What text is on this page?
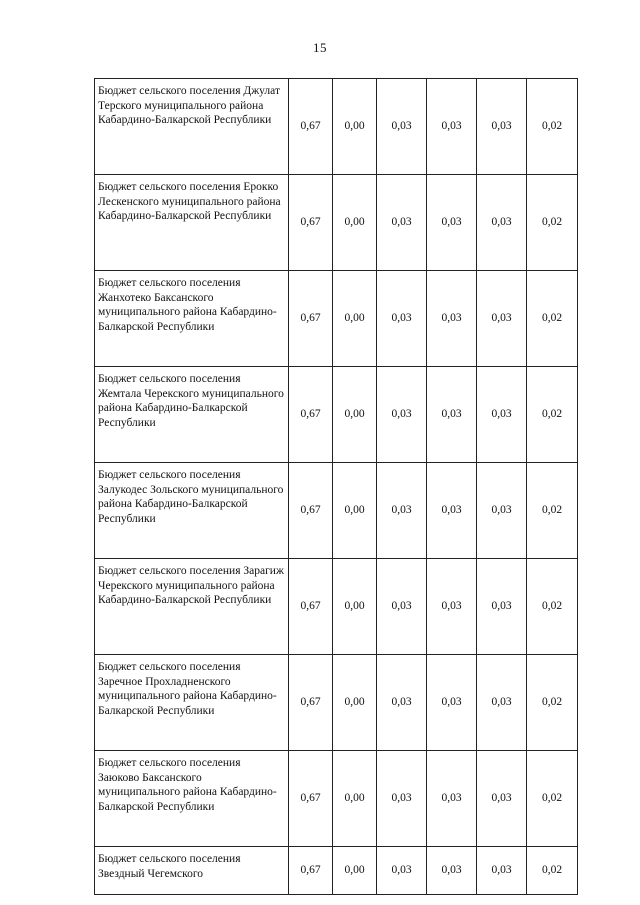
15
Бюджет сельского поселения Джулат Терского муниципального района Кабардино-Балкарской Республики	0,67	0,00	0,03	0,03	0,03	0,02
Бюджет сельского поселения Ерокко Лескенского муниципального района Кабардино-Балкарской Республики	0,67	0,00	0,03	0,03	0,03	0,02
Бюджет сельского поселения Жанхотеко Баксанского муниципального района Кабардино-Балкарской Республики	0,67	0,00	0,03	0,03	0,03	0,02
Бюджет сельского поселения Жемтала Черекского муниципального района Кабардино-Балкарской Республики	0,67	0,00	0,03	0,03	0,03	0,02
Бюджет сельского поселения Залукодес Зольского муниципального района Кабардино-Балкарской Республики	0,67	0,00	0,03	0,03	0,03	0,02
Бюджет сельского поселения Зарагиж Черекского муниципального района Кабардино-Балкарской Республики	0,67	0,00	0,03	0,03	0,03	0,02
Бюджет сельского поселения Заречное Прохладненского муниципального района Кабардино-Балкарской Республики	0,67	0,00	0,03	0,03	0,03	0,02
Бюджет сельского поселения Заюково Баксанского муниципального района Кабардино-Балкарской Республики	0,67	0,00	0,03	0,03	0,03	0,02
Бюджет сельского поселения Звездный Чегемского	0,67	0,00	0,03	0,03	0,03	0,02
